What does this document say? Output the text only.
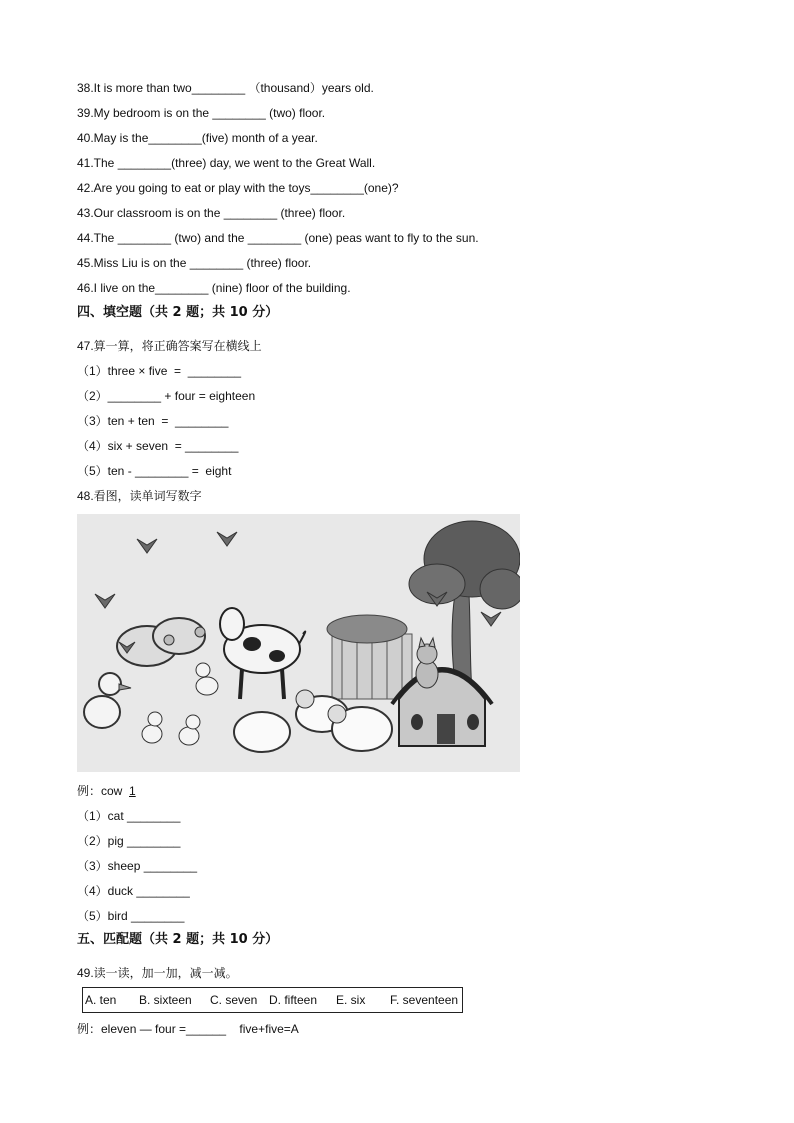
38.It is more than two________ （thousand）years old.
39.My bedroom is on the ________ (two) floor.
40.May is the________(five) month of a year.
41.The ________(three) day, we went to the Great Wall.
42.Are you going to eat or play with the toys________(one)?
43.Our classroom is on the ________ (three) floor.
44.The ________ (two) and the ________ (one) peas want to fly to the sun.
45.Miss Liu is on the ________ (three) floor.
46.I live on the________ (nine) floor of the building.
四、填空题（共 2 题；共 10 分）
47.算一算，将正确答案写在横线上
（1）three × five  =  ________
（2）________ + four = eighteen
（3）ten + ten  =  ________
（4）six + seven  = ________
（5）ten - ________ =  eight
48.看图，读单词写数字
例：cow  1
（1）cat ________
（2）pig ________
（3）sheep ________
（4）duck ________
（5）bird ________
五、匹配题（共 2 题；共 10 分）
49.读一读，加一加，减一减。
A. ten B. sixteen C. seven D. fifteen E. six F. seventeen
例：eleven — four =______    five+five=A
